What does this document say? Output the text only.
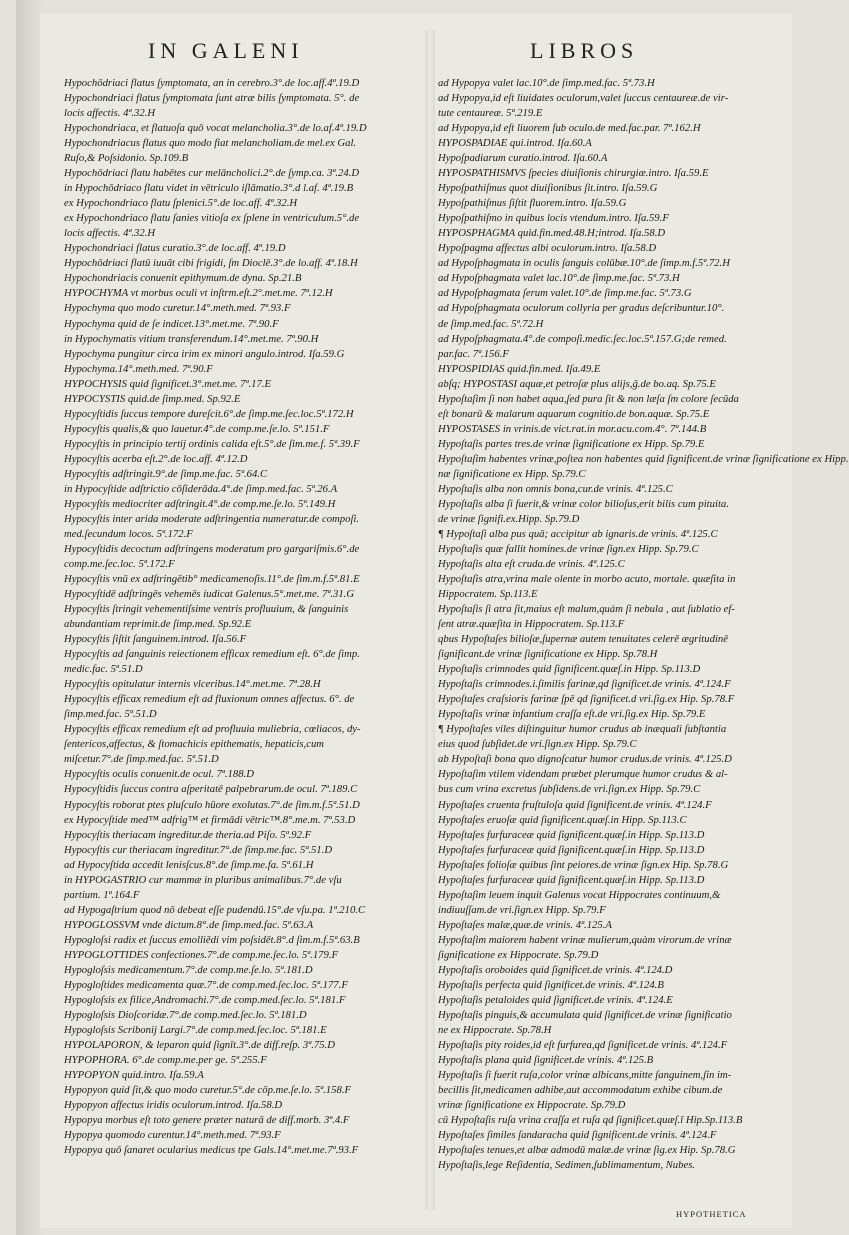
IN GALENI	LIBROS
Hypochōdriaci flatus ſymptomata, an in cerebro.3°.de loc.aff.4ª.19.D
Hypochondriaci flatus ſymptomata ſunt atræ bilis ſymptomata. 5°. de
locis affectis. 4ª.32.H
Hypochondriaca, et flatuoſa quō vocat melancholia.3°.de lo.af.4ª.19.D
Hypochondriacus flatus quo modo fiat melancholiam.de mel.ex Gal.
Ruſo,& Poſsidonio. Sp.109.B
Hypochōdriaci flatu habētes cur melāncholici.2°.de ſymp.ca. 3ª.24.D
in Hypochōdriaco flatu videt in vētriculo iſlāmatio.3°.d l.af. 4ª.19.B
ex Hypochondriaco flatu ſplenici.5°.de loc.aff. 4ª.32.H
ex Hypochondriaco flatu ſanies vitioſa ex ſplene in ventriculum.5°.de
locis affectis. 4ª.32.H
Hypochondriaci flatus curatio.3°.de loc.aff. 4ª.19.D
Hypochōdriaci flatū iuuāt cibi frigidi, ſm Dioclē.3°.de lo.aff. 4ª.18.H
Hypochondriacis conuenit epithymum.de dyna. Sp.21.B
HYPOCHYMA vt morbus oculi vt inſtrm.eſt.2°.met.me. 7ª.12.H
Hypochyma quo modo curetur.14°.meth.med. 7ª.93.F
Hypochyma quid de ſe indicet.13°.met.me. 7ª.90.F
in Hypochymatis vitium transferendum.14°.met.me. 7ª.90.H
Hypochyma pungitur circa irim ex minori angulo.introd. Iſa.59.G
Hypochyma.14°.meth.med. 7ª.90.F
HYPOCHYSIS quid ſignificet.3°.met.me. 7ª.17.E
HYPOCYSTIS quid.de ſimp.med. Sp.92.E
Hypocyſtidis ſuccus tempore dureſcit.6°.de ſimp.me.ſec.loc.5ª.172.H
Hypocyſtis qualis,& quo lauetur.4°.de comp.me.ſe.lo. 5ª.151.F
Hypocyſtis in principio tertij ordinis calida eſt.5°.de ſim.me.f. 5ª.39.F
Hypocyſtis acerba eſt.2°.de loc.aff. 4ª.12.D
Hypocyſtis adſtringit.9°.de ſimp.me.fac. 5ª.64.C
in Hypocyſtide adſtrictio cōſiderāda.4°.de ſimp.med.fac. 5ª.26.A
Hypocyſtis mediocriter adſtringit.4°.de comp.me.ſe.lo. 5ª.149.H
Hypocyſtis inter arida moderate adſtringentia numeratur.de compoſi.
med.ſecundum locos. 5ª.172.F
Hypocyſtidis decoctum adſtringens moderatum pro gargariſmis.6°.de
comp.me.ſec.loc. 5ª.172.F
Hypocyſtis vnū ex adſtringētib° medicamenoſis.11°.de ſim.m.f.5ª.81.E
Hypocyſtidē adſtringēs vehemēs iudicat Galenus.5°.met.me. 7ª.31.G
Hypocyſtis ſtringit vehementiſsime ventris profluuium, & ſanguinis
abundantiam reprimit.de ſimp.med. Sp.92.E
Hypocyſtis ſiſtit ſanguinem.introd. Iſa.56.F
Hypocyſtis ad ſanguinis reiectionem efficax remedium eſt. 6°.de ſimp.
medic.fac. 5ª.51.D
Hypocyſtis opitulatur internis vlceribus.14°.met.me. 7ª.28.H
Hypocyſtis efficax remedium eſt ad fluxionum omnes affectus. 6°. de
ſimp.med.fac. 5ª.51.D
Hypocyſtis efficax remedium eſt ad profluuia muliebria, cœliacos, dy-
ſentericos,affectus, & ſtomachicis epithematis, hepaticis,cum
miſcetur.7°.de ſimp.med.fac. 5ª.51.D
Hypocyſtis oculis conuenit.de ocul. 7ª.188.D
Hypocyſtidis ſuccus contra aſperitatē palpebrarum.de ocul. 7ª.189.C
Hypocyſtis roborat ptes pluſculo hūore exolutas.7°.de ſim.m.f.5ª.51.D
ex Hypocyſtide med™ adfrig™ et firmādi vētric™.8°.me.m. 7ª.53.D
Hypocyſtis theriacam ingreditur.de theria.ad Piſo. 5ª.92.F
Hypocyſtis cur theriacam ingreditur.7°.de ſimp.me.fac. 5ª.51.D
ad Hypocyſtida accedit lenisſcus.8°.de ſimp.me.fa. 5ª.61.H
in HYPOGASTRIO cur mammæ in pluribus animalibus.7°.de vſu
partium. 1ª.164.F
ad Hypogaſtrium quod nō debeat eſſe pudendū.15°.de vſu.pa. 1ª.210.C
HYPOGLOSSVM vnde dictum.8°.de ſimp.med.fac. 5ª.63.A
Hypogloſsi radix et ſuccus emolliēdi vim poſsidēt.8°.d ſim.m.f.5ª.63.B
HYPOGLOTTIDES confectiones.7°.de comp.me.ſec.lo. 5ª.179.F
Hypogloſsis medicamentum.7°.de comp.me.ſe.lo. 5ª.181.D
Hypogloſtides medicamenta quæ.7°.de comp.med.ſec.loc. 5ª.177.F
Hypogloſsis ex filice,Andromachi.7°.de comp.med.ſec.lo. 5ª.181.F
Hypogloſsis Dioſcoridæ.7°.de comp.med.ſec.lo. 5ª.181.D
Hypogloſsis Scribonij Largi.7°.de comp.med.ſec.loc. 5ª.181.E
HYPOLAPORON, & leparon quid ſignīt.3°.de diff.reſp. 3ª.75.D
HYPOPHORA. 6°.de comp.me.per ge. 5ª.255.F
HYPOPYON quid.intro. Iſa.59.A
Hypopyon quid ſit,& quo modo curetur.5°.de cōp.me.ſe.lo. 5ª.158.F
Hypopyon affectus iridis oculorum.introd. Iſa.58.D
Hypopya morbus eſt toto genere præter naturā de diff.morb. 3ª.4.F
Hypopya quomodo curentur.14°.meth.med. 7ª.93.F
Hypopya quō ſanaret ocularius medicus tpe Gals.14°.met.me.7ª.93.F
ad Hypopya valet lac.10°.de ſimp.med.fac. 5ª.73.H
ad Hypopya,id eſt liuidates oculorum,valet ſuccus centaureæ.de vir-
tute centaureæ. 5ª.219.E
ad Hypopya,id eſt liuorem ſub oculo.de med.fac.par. 7ª.162.H
HYPOSPADIAE qui.introd. Iſa.60.A
Hypoſpadiarum curatio.introd. Iſa.60.A
HYPOSPATHISMVS ſpecies diuiſionis chirurgiæ.intro. Iſa.59.E
Hypoſpathiſmus quot diuiſionibus ſit.intro. Iſa.59.G
Hypoſpathiſmus ſiſtit fluorem.intro. Iſa.59.G
Hypoſpathiſmo in quibus locis vtendum.intro. Iſa.59.F
HYPOSPHAGMA quid.fin.med.48.H;introd. Iſa.58.D
Hypoſpagma affectus albi oculorum.intro. Iſa.58.D
ad Hypoſphagmata in oculis ſanguis colūbæ.10°.de ſimp.m.f.5ª.72.H
ad Hypoſphagmata valet lac.10°.de ſimp.me.fac. 5ª.73.H
ad Hypoſphagmata ſerum valet.10°.de ſimp.me.fac. 5ª.73.G
ad Hypoſphagmata oculorum collyria per gradus deſcribuntur.10°.
de ſimp.med.fac. 5ª.72.H
ad Hypoſphagmata.4°.de compoſi.medic.ſec.loc.5ª.157.G;de remed.
par.fac. 7ª.156.F
HYPOSPIDIAS quid.fin.med. Iſa.49.E
abſq; HYPOSTASI aquæ,et petroſæ plus alijs,ĝ.de bo.aq. Sp.75.E
Hypoſtaſim ſi non habet aqua,ſed pura ſit & non læſa ſm colore ſecūda
eſt bonarū & malarum aquarum cognitio.de bon.aquæ. Sp.75.E
HYPOSTASES in vrinis.de vict.rat.in mor.acu.com.4°. 7ª.144.B
Hypoſtaſis partes tres.de vrinæ ſignificatione ex Hipp. Sp.79.E
Hypoſtaſim habentes vrinæ,poſtea non habentes quid ſignificent.de vrinæ ſignificatione ex Hipp.
næ ſignificatione ex Hipp. Sp.79.C
Hypoſtaſis alba non omnis bona,cur.de vrinis. 4ª.125.C
Hypoſtaſis alba ſi fuerit,& vrinæ color bilioſus,erit bilis cum pituita.
de vrinæ ſignifi.ex.Hipp. Sp.79.D
¶ Hypoſtaſi alba pus quā; accipitur ab ignaris.de vrinis. 4ª.125.C
Hypoſtaſis quæ fallit homines.de vrinæ ſign.ex Hipp. Sp.79.C
Hypoſtaſis alta eſt cruda.de vrinis. 4ª.125.C
Hypoſtaſis atra,vrina male olente in morbo acuto, mortale. quæſita in
Hippocratem. Sp.113.E
Hypoſtaſis ſi atra ſit,maius eſt malum,quàm ſi nebula , aut ſublatio ef-
ſent atræ.quæſita in Hippocratem. Sp.113.F
qbus Hypoſtaſes bilioſæ,ſupernæ autem tenuitates celerē ægritudinē
ſignificant.de vrinæ ſignificatione ex Hipp. Sp.78.H
Hypoſtaſis crimnodes quid ſignificent.quæſ.in Hipp. Sp.113.D
Hypoſtaſis crimnodes.i.ſimilis farinæ,qd ſignificet.de vrinis. 4ª.124.F
Hypoſtaſes craſsioris farinæ ſpē qd ſignificet.d vri.ſig.ex Hip. Sp.78.F
Hypoſtaſis vrinæ infantium craſſa eſt.de vri.ſig.ex Hip. Sp.79.E
¶ Hypoſtaſes viles diſtinguitur humor crudus ab inæquali ſubſtantia
eius quod ſubſidet.de vri.ſign.ex Hipp. Sp.79.C
ab Hypoſtaſi bona quo dignoſcatur humor crudus.de vrinis. 4ª.125.D
Hypoſtaſim vtilem videndam præbet plerumque humor crudus & al-
bus cum vrina excretus ſubſidens.de vri.ſign.ex Hipp. Sp.79.C
Hypoſtaſes cruenta fruſtuloſa quid ſignificent.de vrinis. 4ª.124.F
Hypoſtaſes eruoſæ quid ſignificent.quæſ.in Hipp. Sp.113.C
Hypoſtaſes furfuraceæ quid ſignificent.quæſ.in Hipp. Sp.113.D
Hypoſtaſes furfuraceæ quid ſignificent.quæſ.in Hipp. Sp.113.D
Hypoſtaſes folioſæ quibus ſint peiores.de vrinæ ſign.ex Hip. Sp.78.G
Hypoſtaſes furfuraceæ quid ſignificent.quæſ.in Hipp. Sp.113.D
Hypoſtaſim leuem inquit Galenus vocat Hippocrates continuum,&
indiuuſſam.de vri.ſign.ex Hipp. Sp.79.F
Hypoſtaſes malæ,quæ.de vrinis. 4ª.125.A
Hypoſtaſim maiorem habent vrinæ mulierum,quàm virorum.de vrinæ
ſignificatione ex Hippocrate. Sp.79.D
Hypoſtaſis oroboides quid ſignificet.de vrinis. 4ª.124.D
Hypoſtaſis perfecta quid ſignificet.de vrinis. 4ª.124.B
Hypoſtaſis petaloides quid ſignificet.de vrinis. 4ª.124.E
Hypoſtaſis pinguis,& accumulata quid ſignificet.de vrinæ ſignificatio
ne ex Hippocrate. Sp.78.H
Hypoſtaſis pity roides,id eſt furfurea,qd ſignificet.de vrinis. 4ª.124.F
Hypoſtaſis plana quid ſignificet.de vrinis. 4ª.125.B
Hypoſtaſis ſi fuerit ruſa,color vrinæ albicans,mitte ſanguinem,ſin im-
becillis ſit,medicamen adhibe,aut accommodatum exhibe cibum.de
vrinæ ſignificatione ex Hippocrate. Sp.79.D
cū Hypoſtaſis ruſa vrina craſſa et ruſa qd ſignificet.quæſ.ī Hip.Sp.113.B
Hypoſtaſes ſimiles ſandaracha quid ſignificent.de vrinis. 4ª.124.F
Hypoſtaſes tenues,et albæ admodū malæ.de vrinæ ſig.ex Hip. Sp.78.G
Hypoſtaſis,lege Reſidentia, Sedimen,ſublimamentum, Nubes.
HYPOTHETICA
